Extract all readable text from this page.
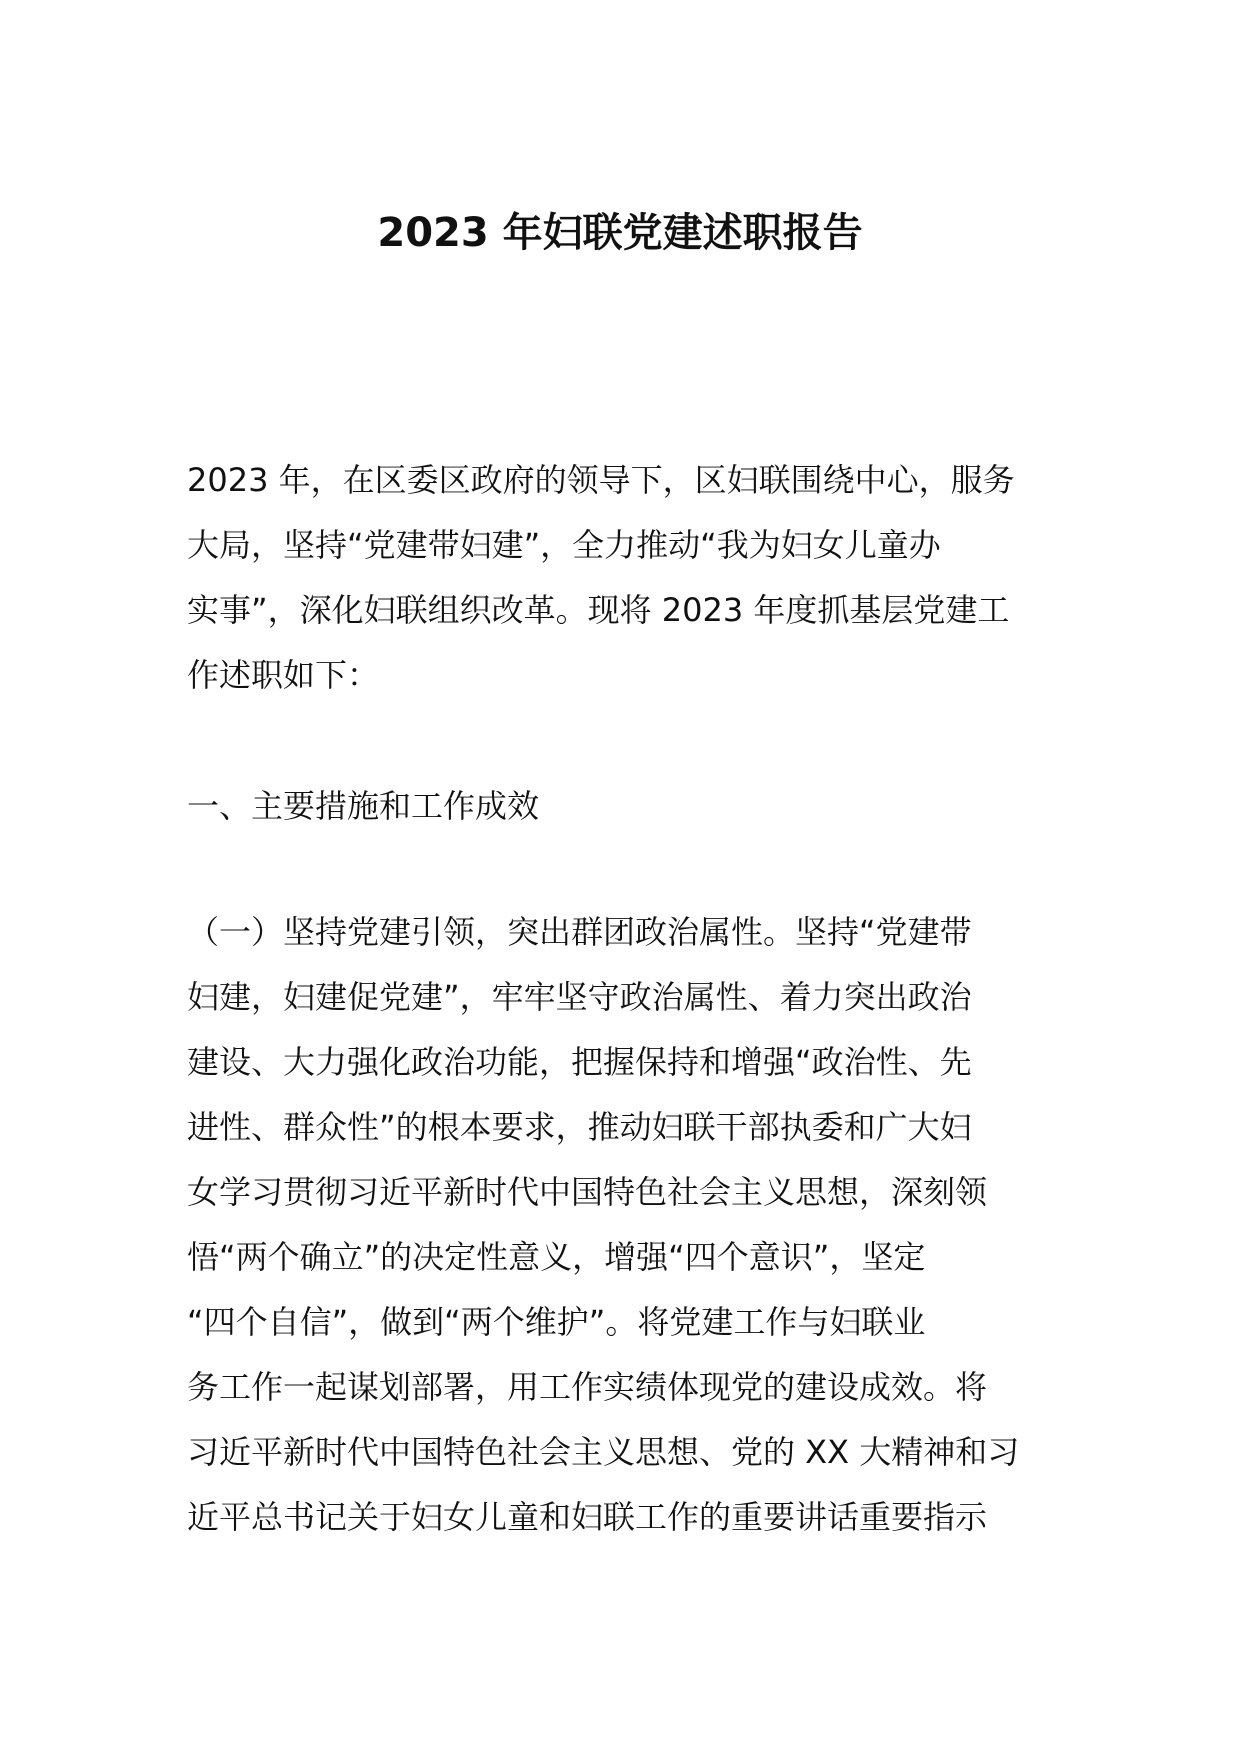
2023 年妇联党建述职报告
2023 年，在区委区政府的领导下，区妇联围绕中心，服务
大局，坚持“党建带妇建”，全力推动“我为妇女儿童办
实事”，深化妇联组织改革。现将 2023 年度抓基层党建工
作述职如下：
一、主要措施和工作成效
（一）坚持党建引领，突出群团政治属性。坚持“党建带
妇建，妇建促党建”，牢牢坚守政治属性、着力突出政治
建设、大力强化政治功能，把握保持和增强“政治性、先
进性、群众性”的根本要求，推动妇联干部执委和广大妇
女学习贯彻习近平新时代中国特色社会主义思想，深刻领
悟“两个确立”的决定性意义，增强“四个意识”，坚定
“四个自信”，做到“两个维护”。将党建工作与妇联业
务工作一起谋划部署，用工作实绩体现党的建设成效。将
习近平新时代中国特色社会主义思想、党的 XX 大精神和习
近平总书记关于妇女儿童和妇联工作的重要讲话重要指示
